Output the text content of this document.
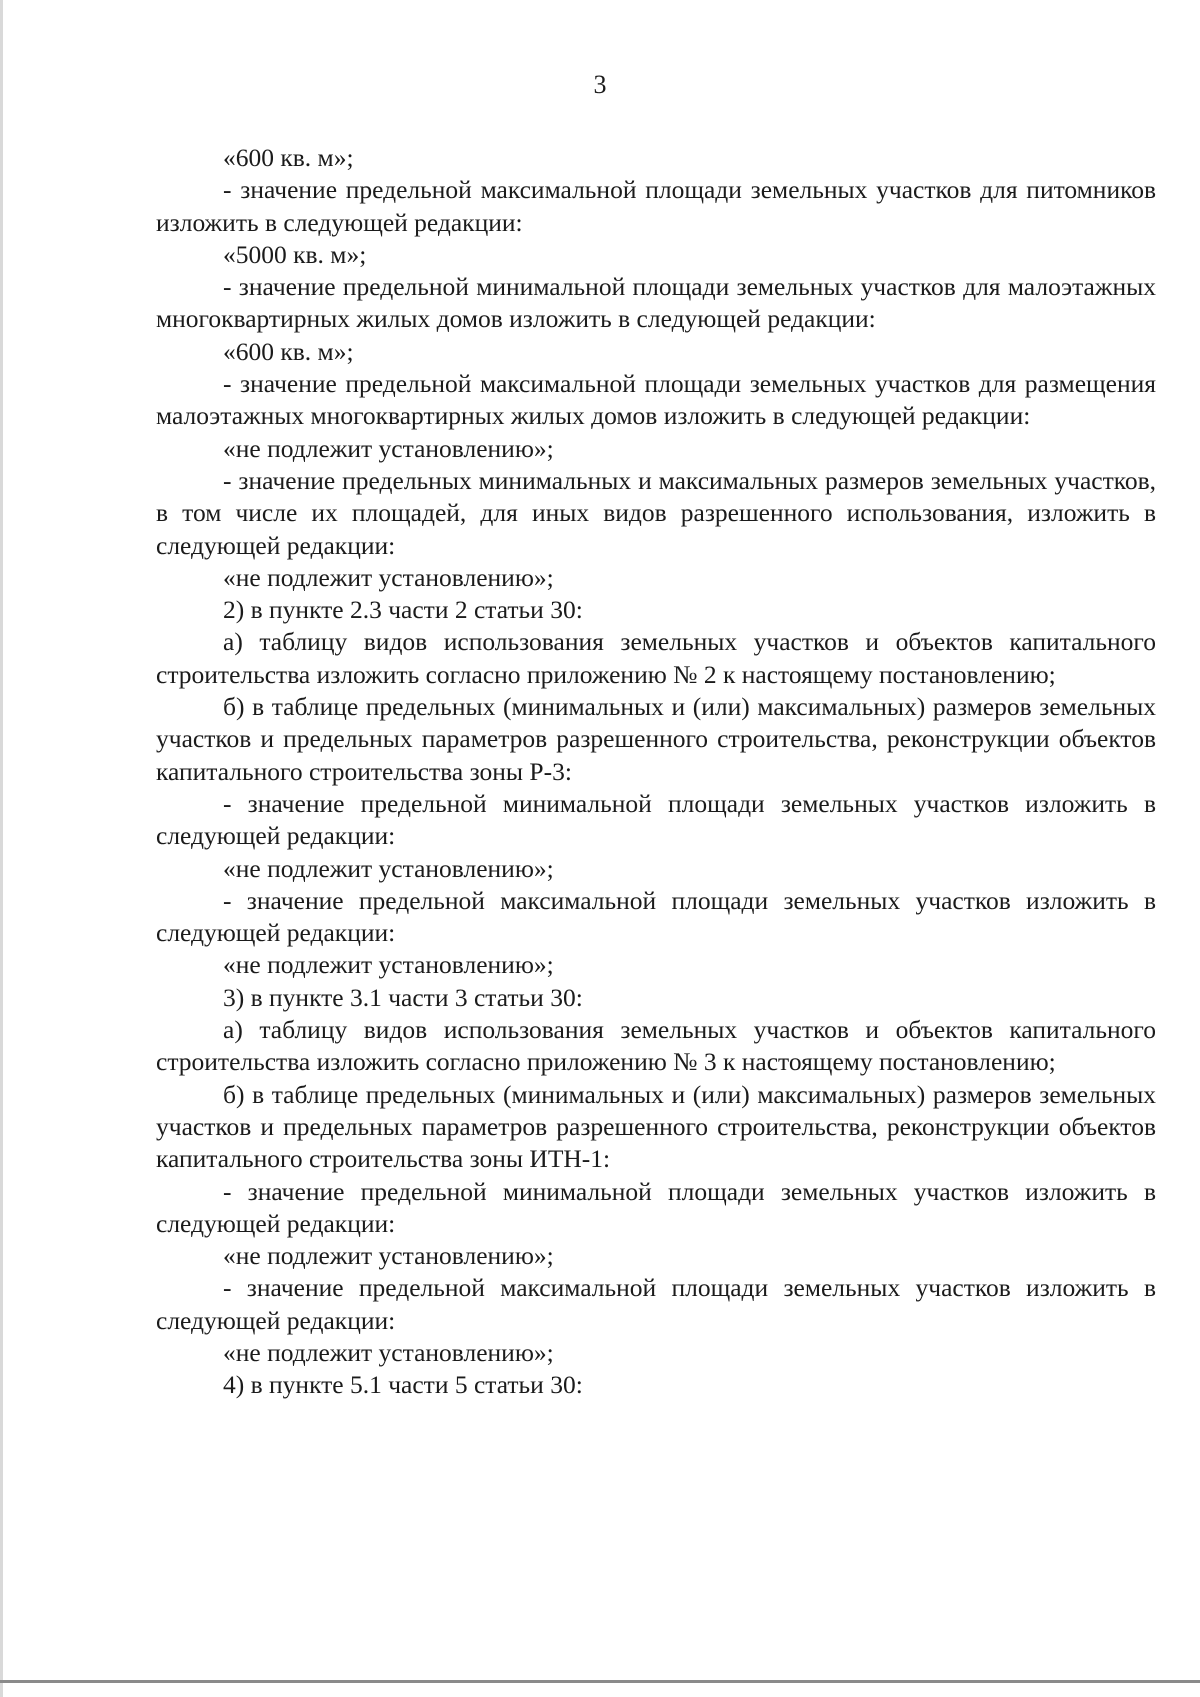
3

«600 кв. м»;

- значение предельной максимальной площади земельных участков для питомников изложить в следующей редакции:

«5000 кв. м»;

- значение предельной минимальной площади земельных участков для малоэтажных многоквартирных жилых домов изложить в следующей редакции:

«600 кв. м»;

- значение предельной максимальной площади земельных участков для размещения малоэтажных многоквартирных жилых домов изложить в следующей редакции:

«не подлежит установлению»;

- значение предельных минимальных и максимальных размеров земельных участков, в том числе их площадей, для иных видов разрешенного использования, изложить в следующей редакции:

«не подлежит установлению»;

2) в пункте 2.3 части 2 статьи 30:

а) таблицу видов использования земельных участков и объектов капитального строительства изложить согласно приложению № 2 к настоящему постановлению;

б) в таблице предельных (минимальных и (или) максимальных) размеров земельных участков и предельных параметров разрешенного строительства, реконструкции объектов капитального строительства зоны Р-3:

- значение предельной минимальной площади земельных участков изложить в следующей редакции:

«не подлежит установлению»;

- значение предельной максимальной площади земельных участков изложить в следующей редакции:

«не подлежит установлению»;

3) в пункте 3.1 части 3 статьи 30:

а) таблицу видов использования земельных участков и объектов капитального строительства изложить согласно приложению № 3 к настоящему постановлению;

б) в таблице предельных (минимальных и (или) максимальных) размеров земельных участков и предельных параметров разрешенного строительства, реконструкции объектов капитального строительства зоны ИТН-1:

- значение предельной минимальной площади земельных участков изложить в следующей редакции:

«не подлежит установлению»;

- значение предельной максимальной площади земельных участков изложить в следующей редакции:

«не подлежит установлению»;

4) в пункте 5.1 части 5 статьи 30:
